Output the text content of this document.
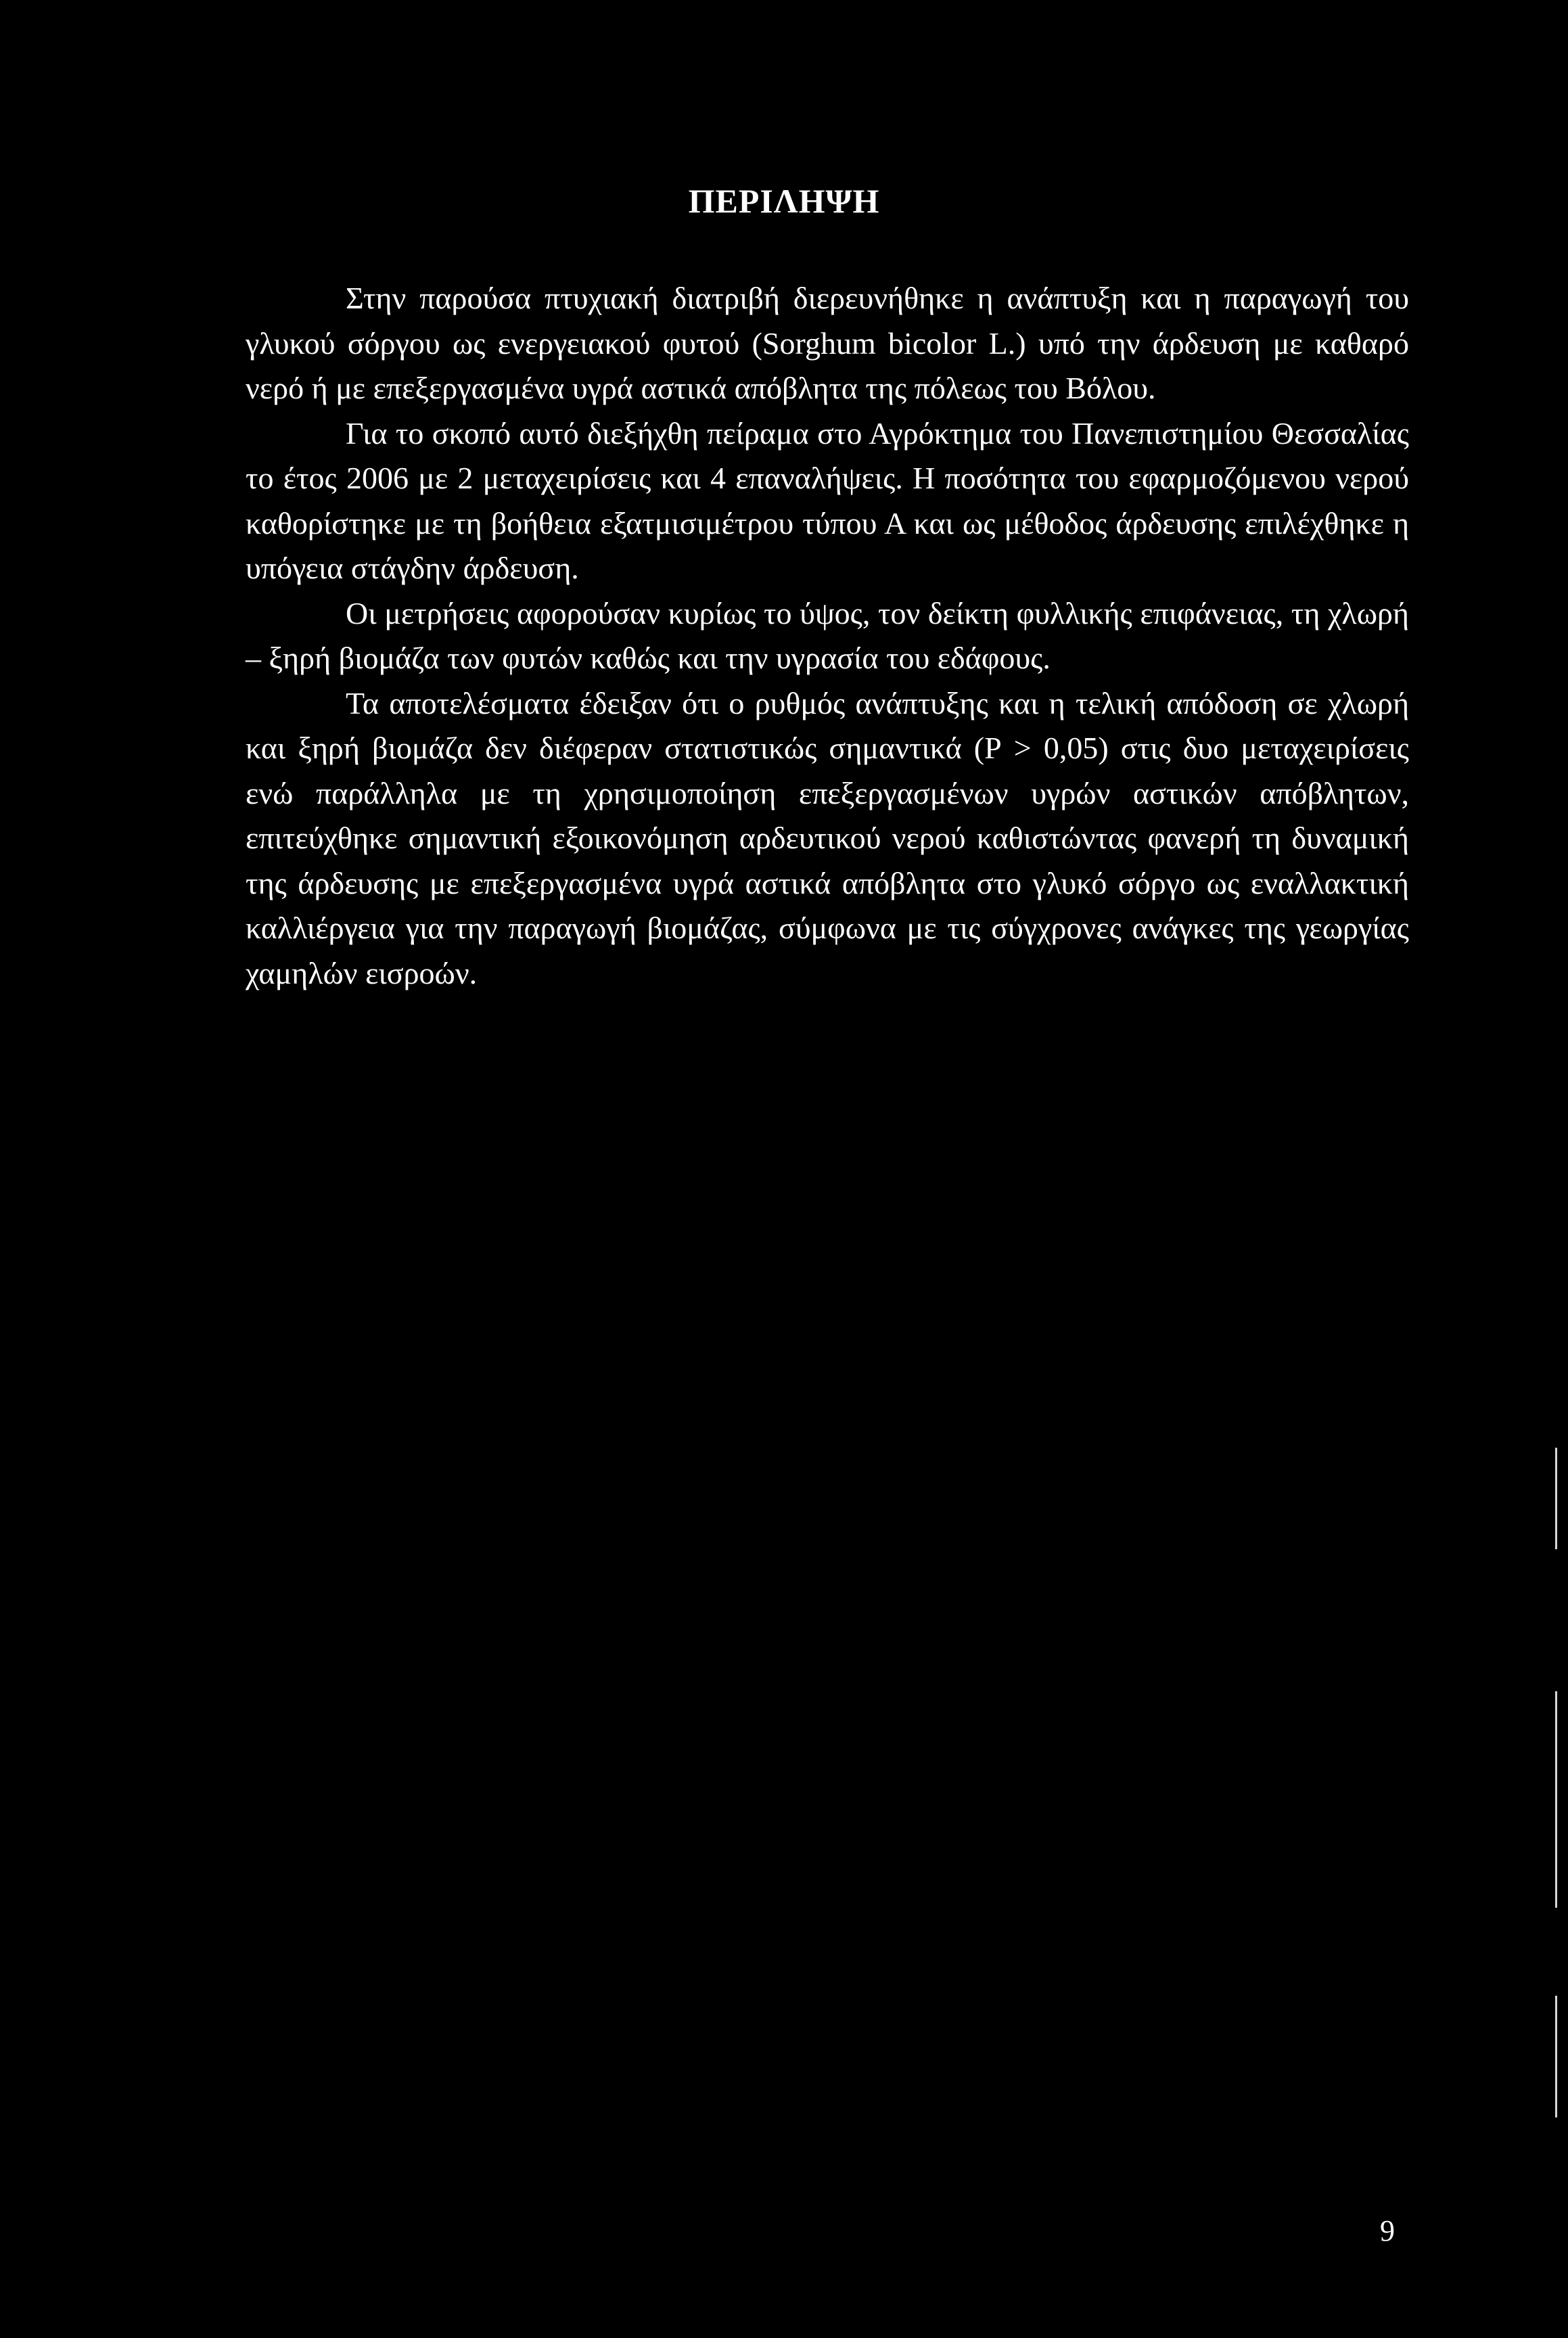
ΠΕΡΙΛΗΨΗ

Στην παρούσα πτυχιακή διατριβή διερευνήθηκε η ανάπτυξη και η παραγωγή του γλυκού σόργου ως ενεργειακού φυτού (Sorghum bicolor L.) υπό την άρδευση με καθαρό νερό ή με επεξεργασμένα υγρά αστικά απόβλητα της πόλεως του Βόλου.

Για το σκοπό αυτό διεξήχθη πείραμα στο Αγρόκτημα του Πανεπιστημίου Θεσσαλίας το έτος 2006 με 2 μεταχειρίσεις και 4 επαναλήψεις. Η ποσότητα του εφαρμοζόμενου νερού καθορίστηκε με τη βοήθεια εξατμισιμέτρου τύπου Α και ως μέθοδος άρδευσης επιλέχθηκε η υπόγεια στάγδην άρδευση.

Οι μετρήσεις αφορούσαν κυρίως το ύψος, τον δείκτη φυλλικής επιφάνειας, τη χλωρή – ξηρή βιομάζα των φυτών καθώς και την υγρασία του εδάφους.

Τα αποτελέσματα έδειξαν ότι ο ρυθμός ανάπτυξης και η τελική απόδοση σε χλωρή και ξηρή βιομάζα δεν διέφεραν στατιστικώς σημαντικά (Ρ > 0,05) στις δυο μεταχειρίσεις ενώ παράλληλα με τη χρησιμοποίηση επεξεργασμένων υγρών αστικών απόβλητων, επιτεύχθηκε σημαντική εξοικονόμηση αρδευτικού νερού καθιστώντας φανερή τη δυναμική της άρδευσης με επεξεργασμένα υγρά αστικά απόβλητα στο γλυκό σόργο ως εναλλακτική καλλιέργεια για την παραγωγή βιομάζας, σύμφωνα με τις σύγχρονες ανάγκες της γεωργίας χαμηλών εισροών.

9
